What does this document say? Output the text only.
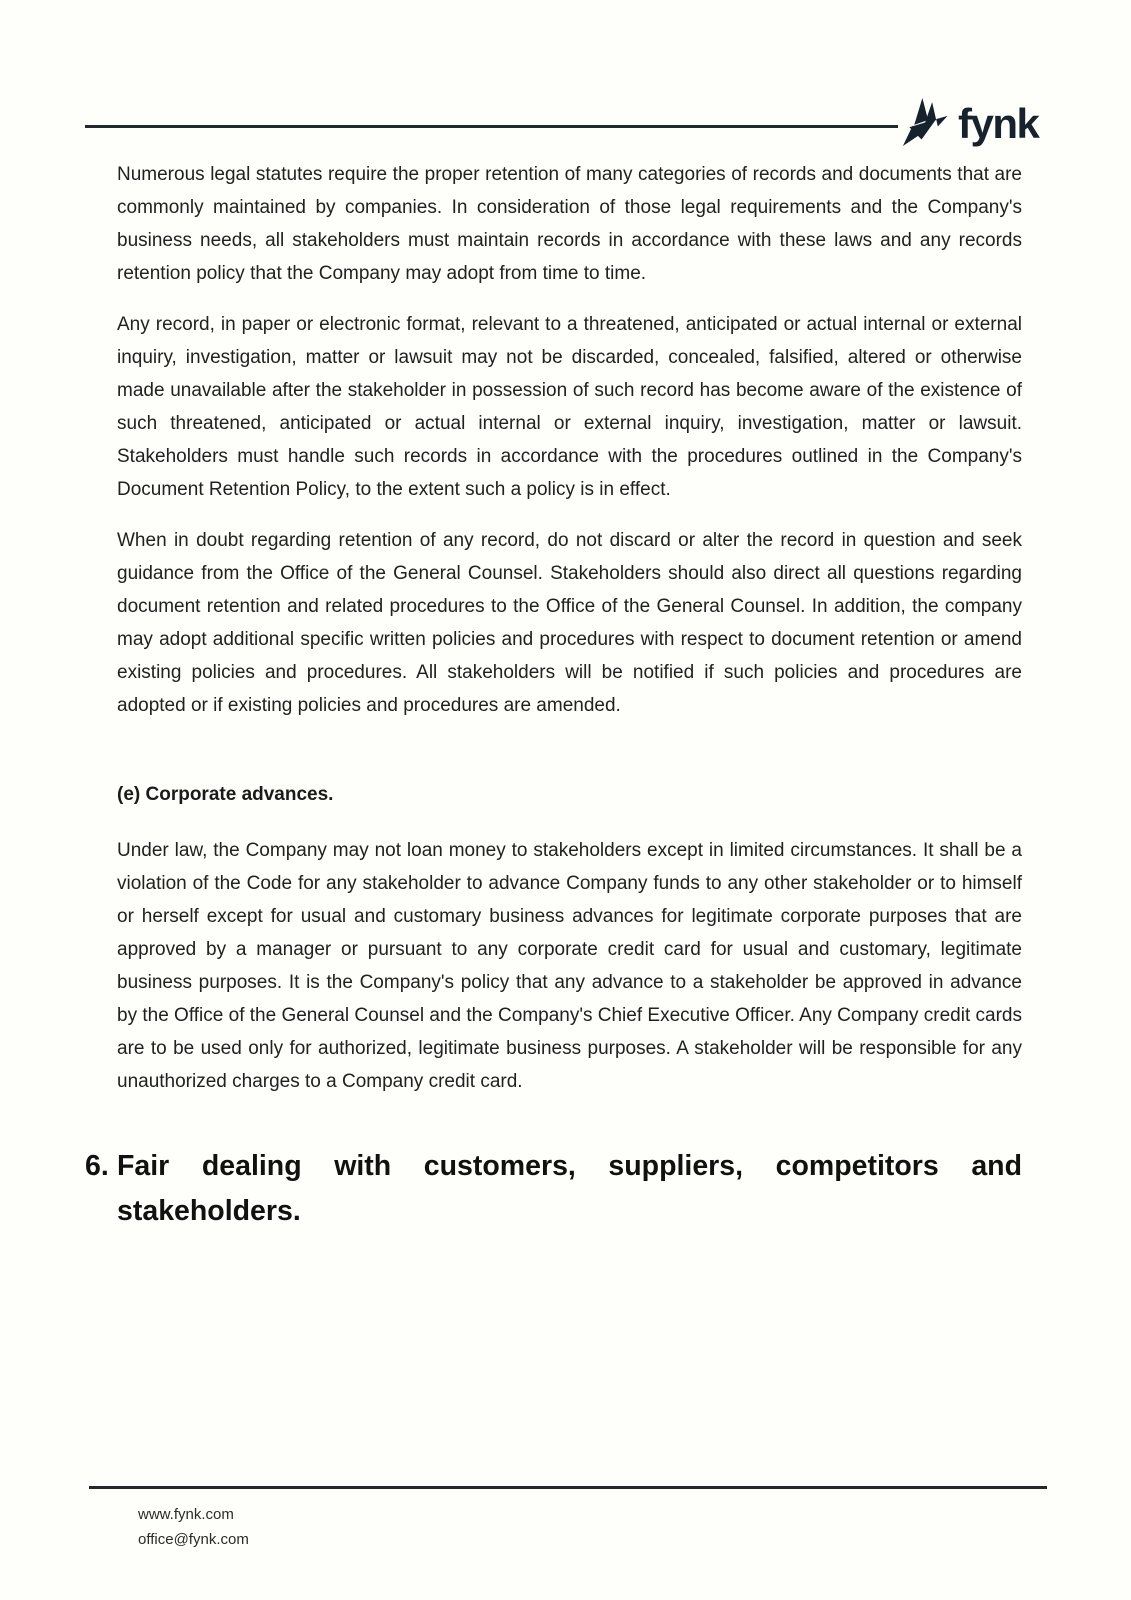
fynk

Numerous legal statutes require the proper retention of many categories of records and documents that are commonly maintained by companies. In consideration of those legal requirements and the Company's business needs, all stakeholders must maintain records in accordance with these laws and any records retention policy that the Company may adopt from time to time.

Any record, in paper or electronic format, relevant to a threatened, anticipated or actual internal or external inquiry, investigation, matter or lawsuit may not be discarded, concealed, falsified, altered or otherwise made unavailable after the stakeholder in possession of such record has become aware of the existence of such threatened, anticipated or actual internal or external inquiry, investigation, matter or lawsuit. Stakeholders must handle such records in accordance with the procedures outlined in the Company's Document Retention Policy, to the extent such a policy is in effect.

When in doubt regarding retention of any record, do not discard or alter the record in question and seek guidance from the Office of the General Counsel. Stakeholders should also direct all questions regarding document retention and related procedures to the Office of the General Counsel. In addition, the company may adopt additional specific written policies and procedures with respect to document retention or amend existing policies and procedures. All stakeholders will be notified if such policies and procedures are adopted or if existing policies and procedures are amended.

(e) Corporate advances.

Under law, the Company may not loan money to stakeholders except in limited circumstances. It shall be a violation of the Code for any stakeholder to advance Company funds to any other stakeholder or to himself or herself except for usual and customary business advances for legitimate corporate purposes that are approved by a manager or pursuant to any corporate credit card for usual and customary, legitimate business purposes. It is the Company's policy that any advance to a stakeholder be approved in advance by the Office of the General Counsel and the Company's Chief Executive Officer. Any Company credit cards are to be used only for authorized, legitimate business purposes. A stakeholder will be responsible for any unauthorized charges to a Company credit card.

6. Fair dealing with customers, suppliers, competitors and stakeholders.
www.fynk.com
office@fynk.com
